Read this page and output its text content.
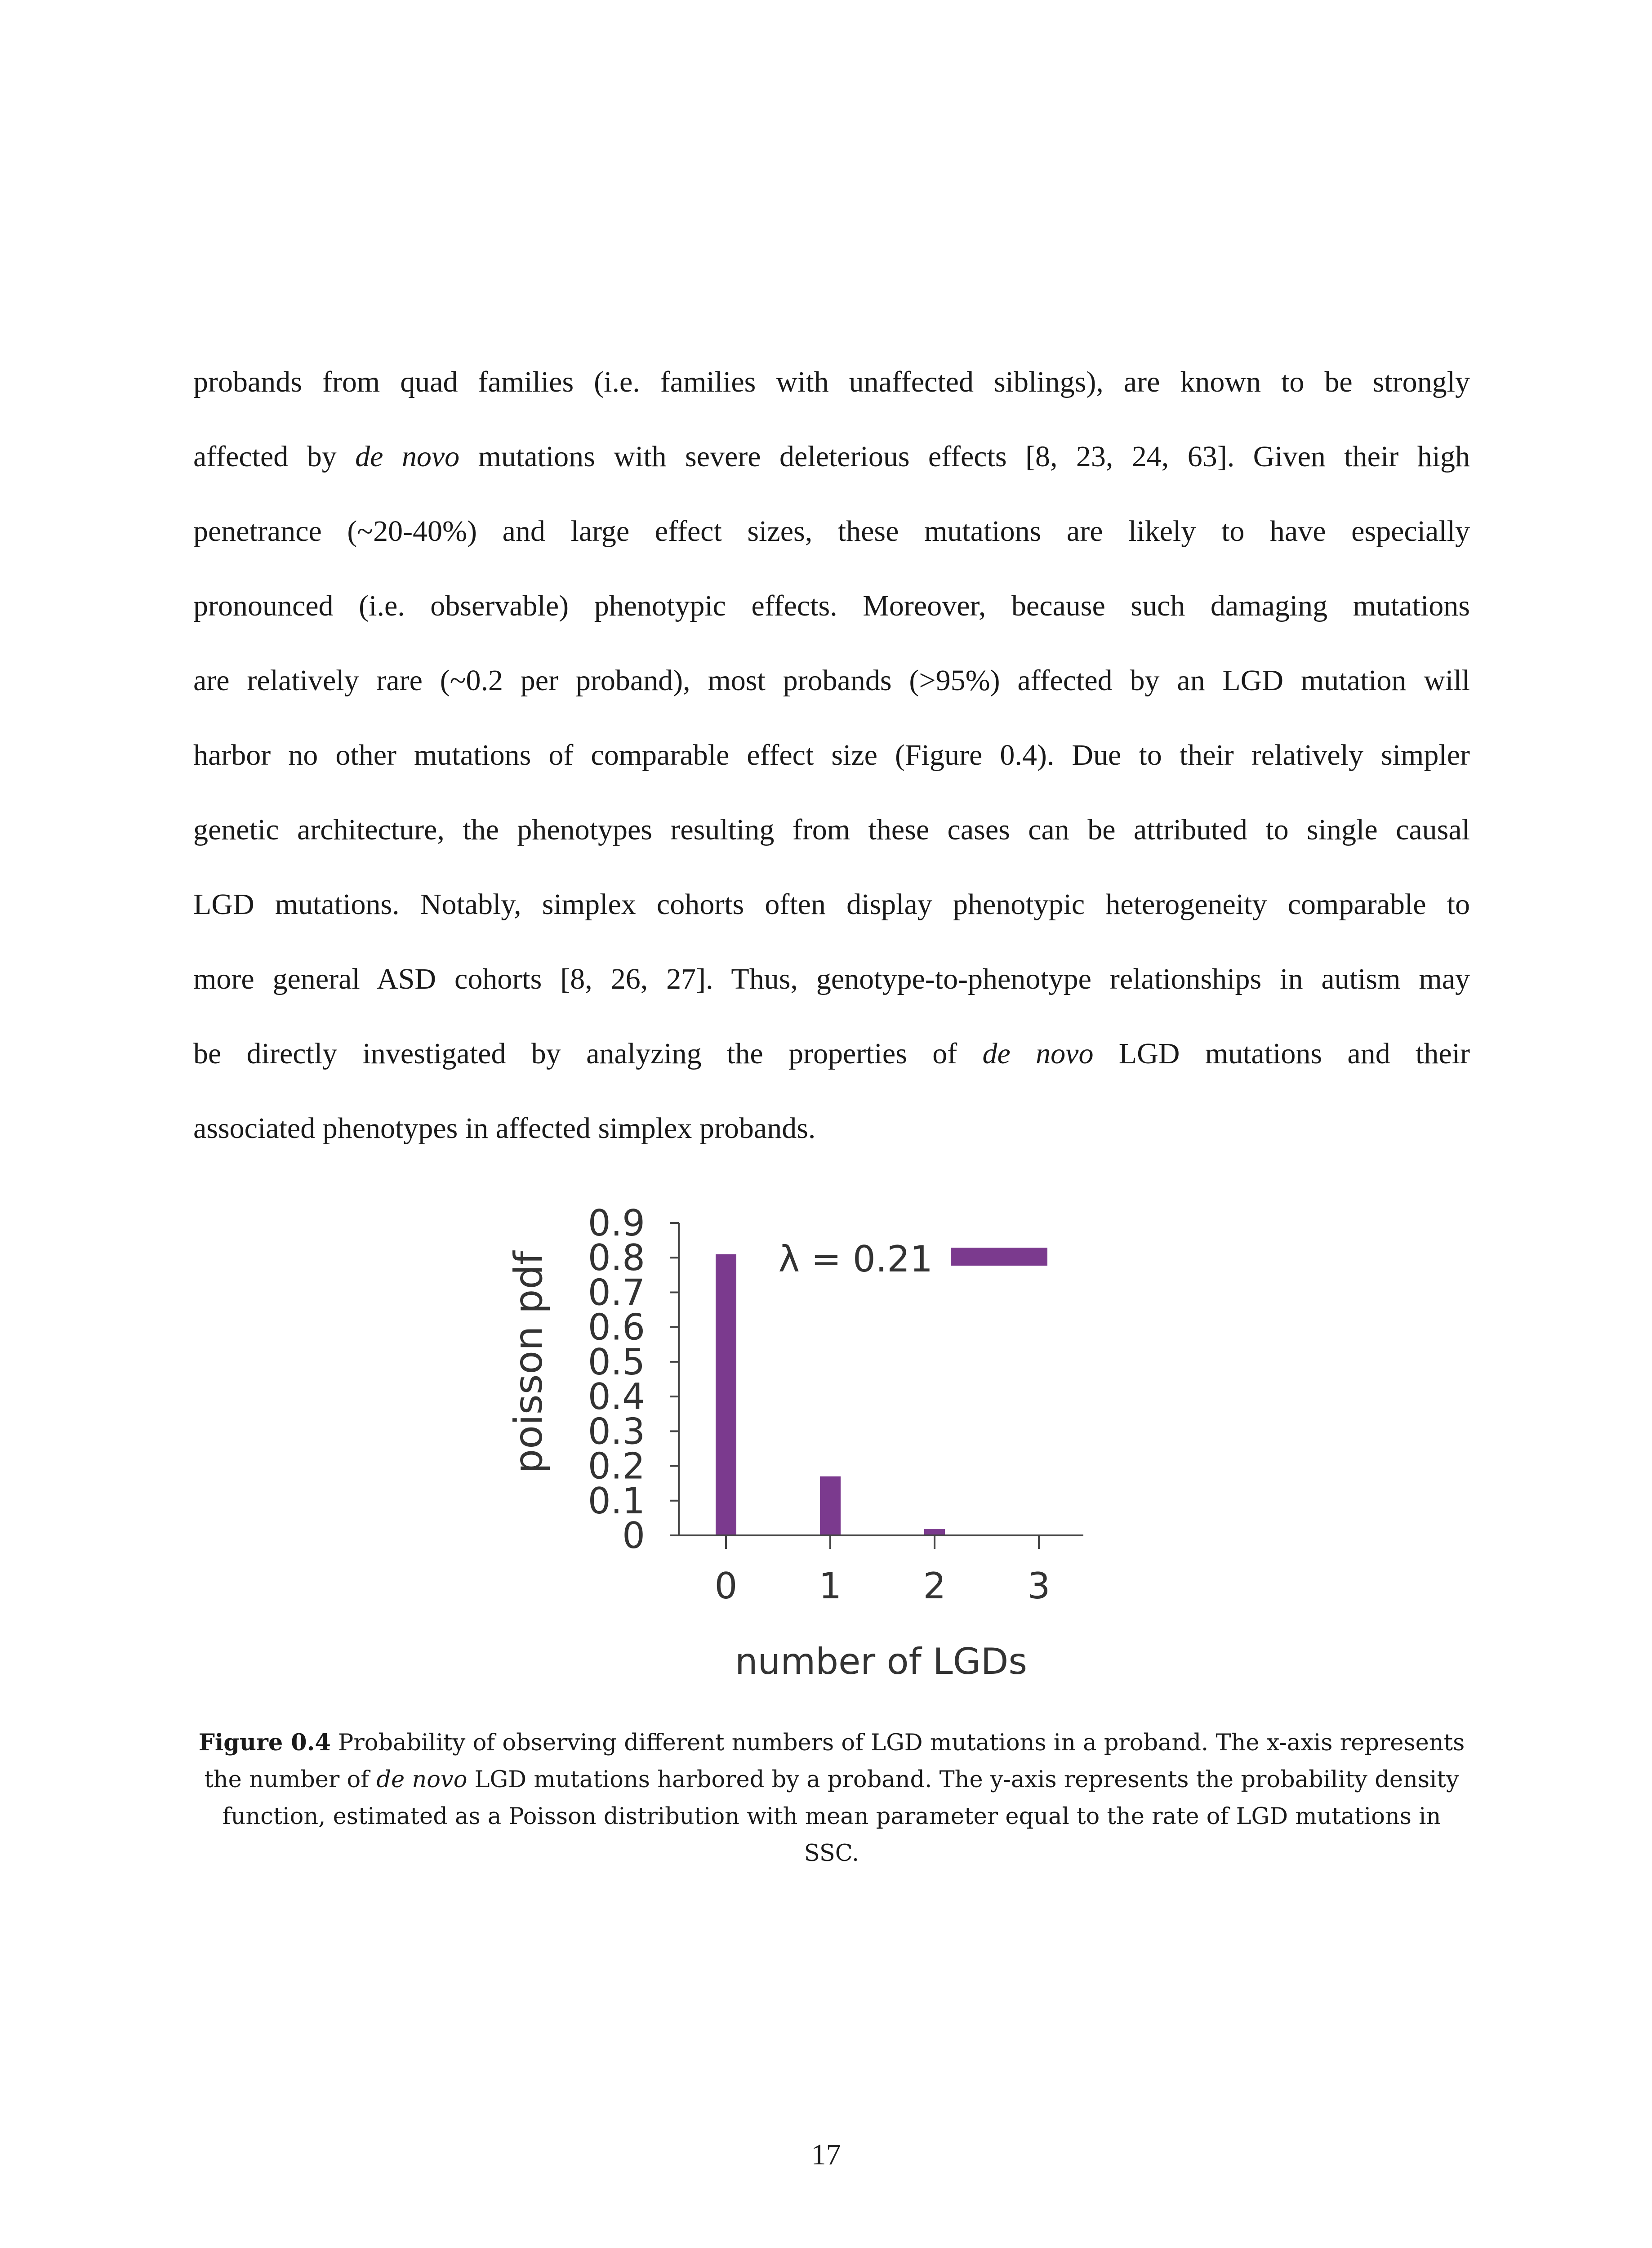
probands from quad families (i.e. families with unaffected siblings), are known to be strongly
affected by de novo mutations with severe deleterious effects [8, 23, 24, 63]. Given their high
penetrance (~20-40%) and large effect sizes, these mutations are likely to have especially
pronounced (i.e. observable) phenotypic effects. Moreover, because such damaging mutations
are relatively rare (~0.2 per proband), most probands (>95%) affected by an LGD mutation will
harbor no other mutations of comparable effect size (Figure 0.4). Due to their relatively simpler
genetic architecture, the phenotypes resulting from these cases can be attributed to single causal
LGD mutations. Notably, simplex cohorts often display phenotypic heterogeneity comparable to
more general ASD cohorts [8, 26, 27]. Thus, genotype-to-phenotype relationships in autism may
be directly investigated by analyzing the properties of de novo LGD mutations and their
associated phenotypes in affected simplex probands.
0
0.1
0.2
0.3
0.4
0.5
0.6
0.7
0.8
0.9
0 1 2 3
poisson pdf
number of LGDs
λ = 0.21
Figure 0.4 Probability of observing different numbers of LGD mutations in a proband. The x-axis represents the number of de novo LGD mutations harbored by a proband. The y-axis represents the probability density function, estimated as a Poisson distribution with mean parameter equal to the rate of LGD mutations in SSC.
17
